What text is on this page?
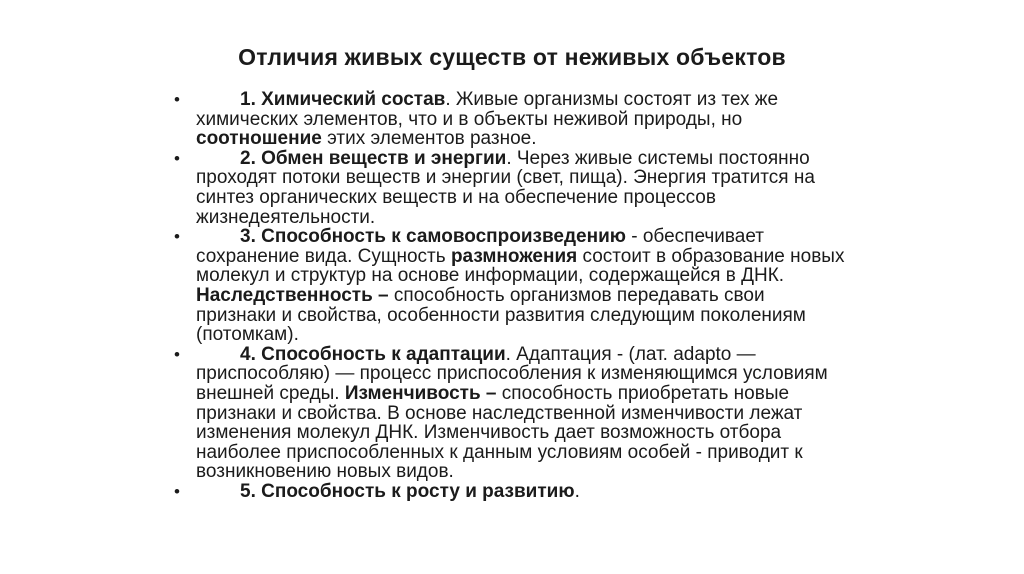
Отличия живых существ от неживых объектов
•	1. Химический состав. Живые организмы состоят из тех же химических элементов, что и в объекты неживой природы, но соотношение этих элементов разное.
•	2. Обмен веществ и энергии. Через живые системы постоянно проходят потоки веществ и энергии (свет, пища). Энергия тратится на синтез органических веществ и на обеспечение процессов жизнедеятельности.
•	3. Способность к самовоспроизведению - обеспечивает сохранение вида. Сущность размножения состоит в образование новых молекул и структур на основе информации, содержащейся в ДНК. Наследственность – способность организмов передавать свои признаки и свойства, особенности развития следующим поколениям (потомкам).
•	4. Способность к адаптации. Адаптация - (лат. adapto — приспособляю) — процесс приспособления к изменяющимся условиям внешней среды. Изменчивость – способность приобретать новые признаки и свойства. В основе наследственной изменчивости лежат изменения молекул ДНК. Изменчивость дает возможность отбора наиболее приспособленных к данным условиям особей - приводит к возникновению новых видов.
•	5. Способность к росту и развитию.
